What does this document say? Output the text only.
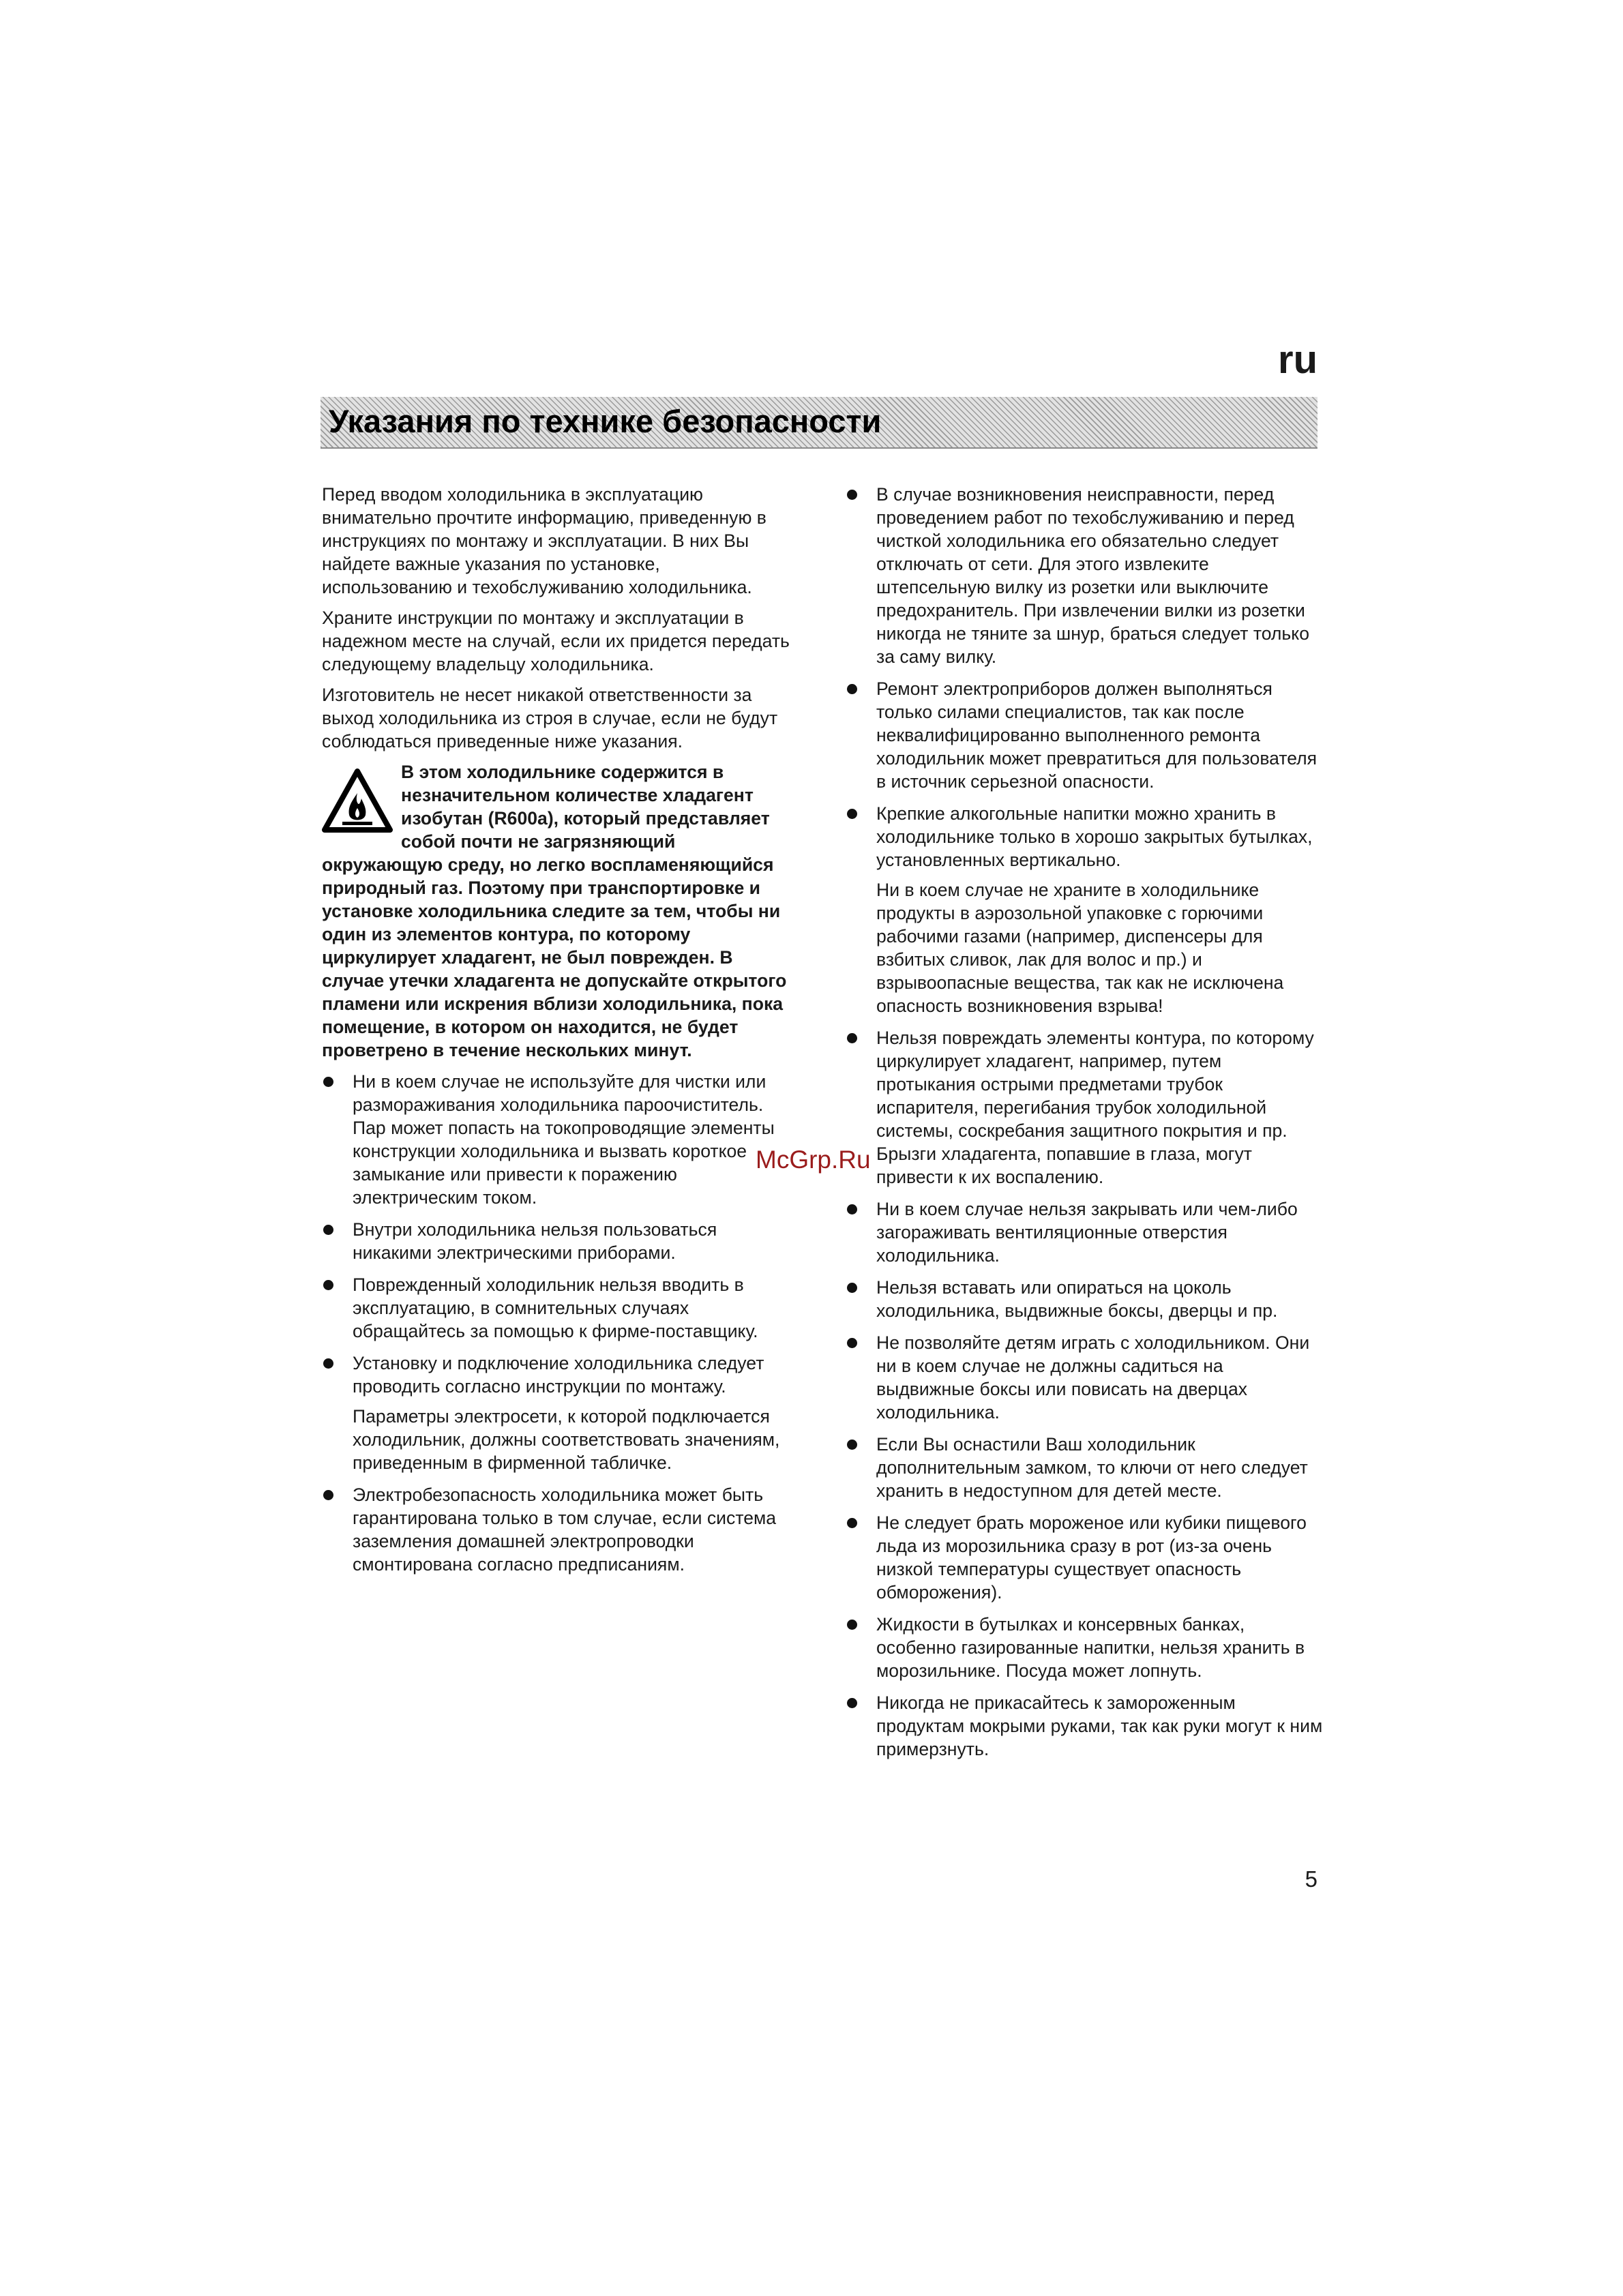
ru
Указания по технике безопасности

Перед вводом холодильника в эксплуатацию внимательно прочтите информацию, приведенную в инструкциях по монтажу и эксплуатации. В них Вы найдете важные указания по установке, использованию и техобслуживанию холодильника.

Храните инструкции по монтажу и эксплуатации в надежном месте на случай, если их придется передать следующему владельцу холодильника.

Изготовитель не несет никакой ответственности за выход холодильника из строя в случае, если не будут соблюдаться приведенные ниже указания.

В этом холодильнике содержится в незначительном количестве хладагент изобутан (R600a), который представляет собой почти не загрязняющий окружающую среду, но легко воспламеняющийся природный газ. Поэтому при транспортировке и установке холодильника следите за тем, чтобы ни один из элементов контура, по которому циркулирует хладагент, не был поврежден. В случае утечки хладагента не допускайте открытого пламени или искрения вблизи холодильника, пока помещение, в котором он находится, не будет проветрено в течение нескольких минут.
Ни в коем случае не используйте для чистки или размораживания холодильника пароочиститель. Пар может попасть на токопроводящие элементы конструкции холодильника и вызвать короткое замыкание или привести к поражению электрическим током.
Внутри холодильника нельзя пользоваться никакими электрическими приборами.
Поврежденный холодильник нельзя вводить в эксплуатацию, в сомнительных случаях обращайтесь за помощью к фирме-поставщику.
Установку и подключение холодильника следует проводить согласно инструкции по монтажу.
Параметры электросети, к которой подключается холодильник, должны соответствовать значениям, приведенным в фирменной табличке.
Электробезопасность холодильника может быть гарантирована только в том случае, если система заземления домашней электропроводки смонтирована согласно предписаниям.
В случае возникновения неисправности, перед проведением работ по техобслуживанию и перед чисткой холодильника его обязательно следует отключать от сети. Для этого извлеките штепсельную вилку из розетки или выключите предохранитель. При извлечении вилки из розетки никогда не тяните за шнур, браться следует только за саму вилку.
Ремонт электроприборов должен выполняться только силами специалистов, так как после неквалифицированно выполненного ремонта холодильник может превратиться для пользователя в источник серьезной опасности.
Крепкие алкогольные напитки можно хранить в холодильнике только в хорошо закрытых бутылках, установленных вертикально.
Ни в коем случае не храните в холодильнике продукты в аэрозольной упаковке с горючими рабочими газами (например, диспенсеры для взбитых сливок, лак для волос и пр.) и взрывоопасные вещества, так как не исключена опасность возникновения взрыва!
Нельзя повреждать элементы контура, по которому циркулирует хладагент, например, путем протыкания острыми предметами трубок испарителя, перегибания трубок холодильной системы, соскребания защитного покрытия и пр. Брызги хладагента, попавшие в глаза, могут привести к их воспалению.
Ни в коем случае нельзя закрывать или чем-либо загораживать вентиляционные отверстия холодильника.
Нельзя вставать или опираться на цоколь холодильника, выдвижные боксы, дверцы и пр.
Не позволяйте детям играть с холодильником. Они ни в коем случае не должны садиться на выдвижные боксы или повисать на дверцах холодильника.
Если Вы оснастили Ваш холодильник дополнительным замком, то ключи от него следует хранить в недоступном для детей месте.
Не следует брать мороженое или кубики пищевого льда из морозильника сразу в рот (из-за очень низкой температуры существует опасность обморожения).
Жидкости в бутылках и консервных банках, особенно газированные напитки, нельзя хранить в морозильнике. Посуда может лопнуть.
Никогда не прикасайтесь к замороженным продуктам мокрыми руками, так как руки могут к ним примерзнуть.
McGrp.Ru
5
